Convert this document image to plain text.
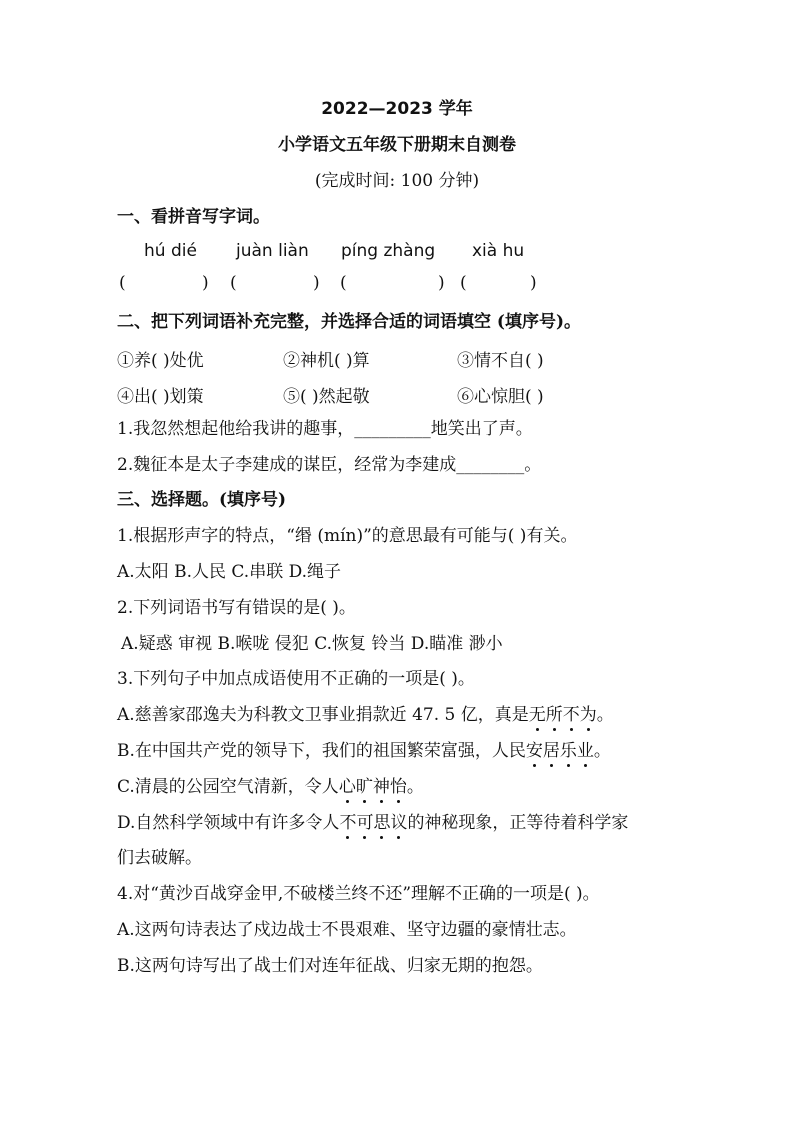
2022—2023 学年
小学语文五年级下册期末自测卷
(完成时间: 100 分钟)
一、看拼音写字词。
hú dié juàn liàn píng zhàng xià hu
(	) (	) (	) (	)
二、把下列词语补充完整，并选择合适的词语填空 (填序号)。
①养( )处优	②神机( )算	③情不自( )
④出( )划策	⑤( )然起敬	⑥心惊胆( )
1.我忽然想起他给我讲的趣事，_________地笑出了声。
2.魏征本是太子李建成的谋臣，经常为李建成________。
三、选择题。(填序号)
1.根据形声字的特点，“缗 (mín)”的意思最有可能与( )有关。
A.太阳 B.人民 C.串联 D.绳子
2.下列词语书写有错误的是( )。
A.疑惑 审视 B.喉咙 侵犯 C.恢复 铃当 D.瞄准 渺小
3.下列句子中加点成语使用不正确的一项是( )。
A.慈善家邵逸夫为科教文卫事业捐款近 47. 5 亿，真是无所不为。
B.在中国共产党的领导下，我们的祖国繁荣富强，人民安居乐业。
C.清晨的公园空气清新，令人心旷神怡。
D.自然科学领域中有许多令人不可思议的神秘现象，正等待着科学家
们去破解。
4.对“黄沙百战穿金甲,不破楼兰终不还”理解不正确的一项是( )。
A.这两句诗表达了戍边战士不畏艰难、坚守边疆的豪情壮志。
B.这两句诗写出了战士们对连年征战、归家无期的抱怨。
